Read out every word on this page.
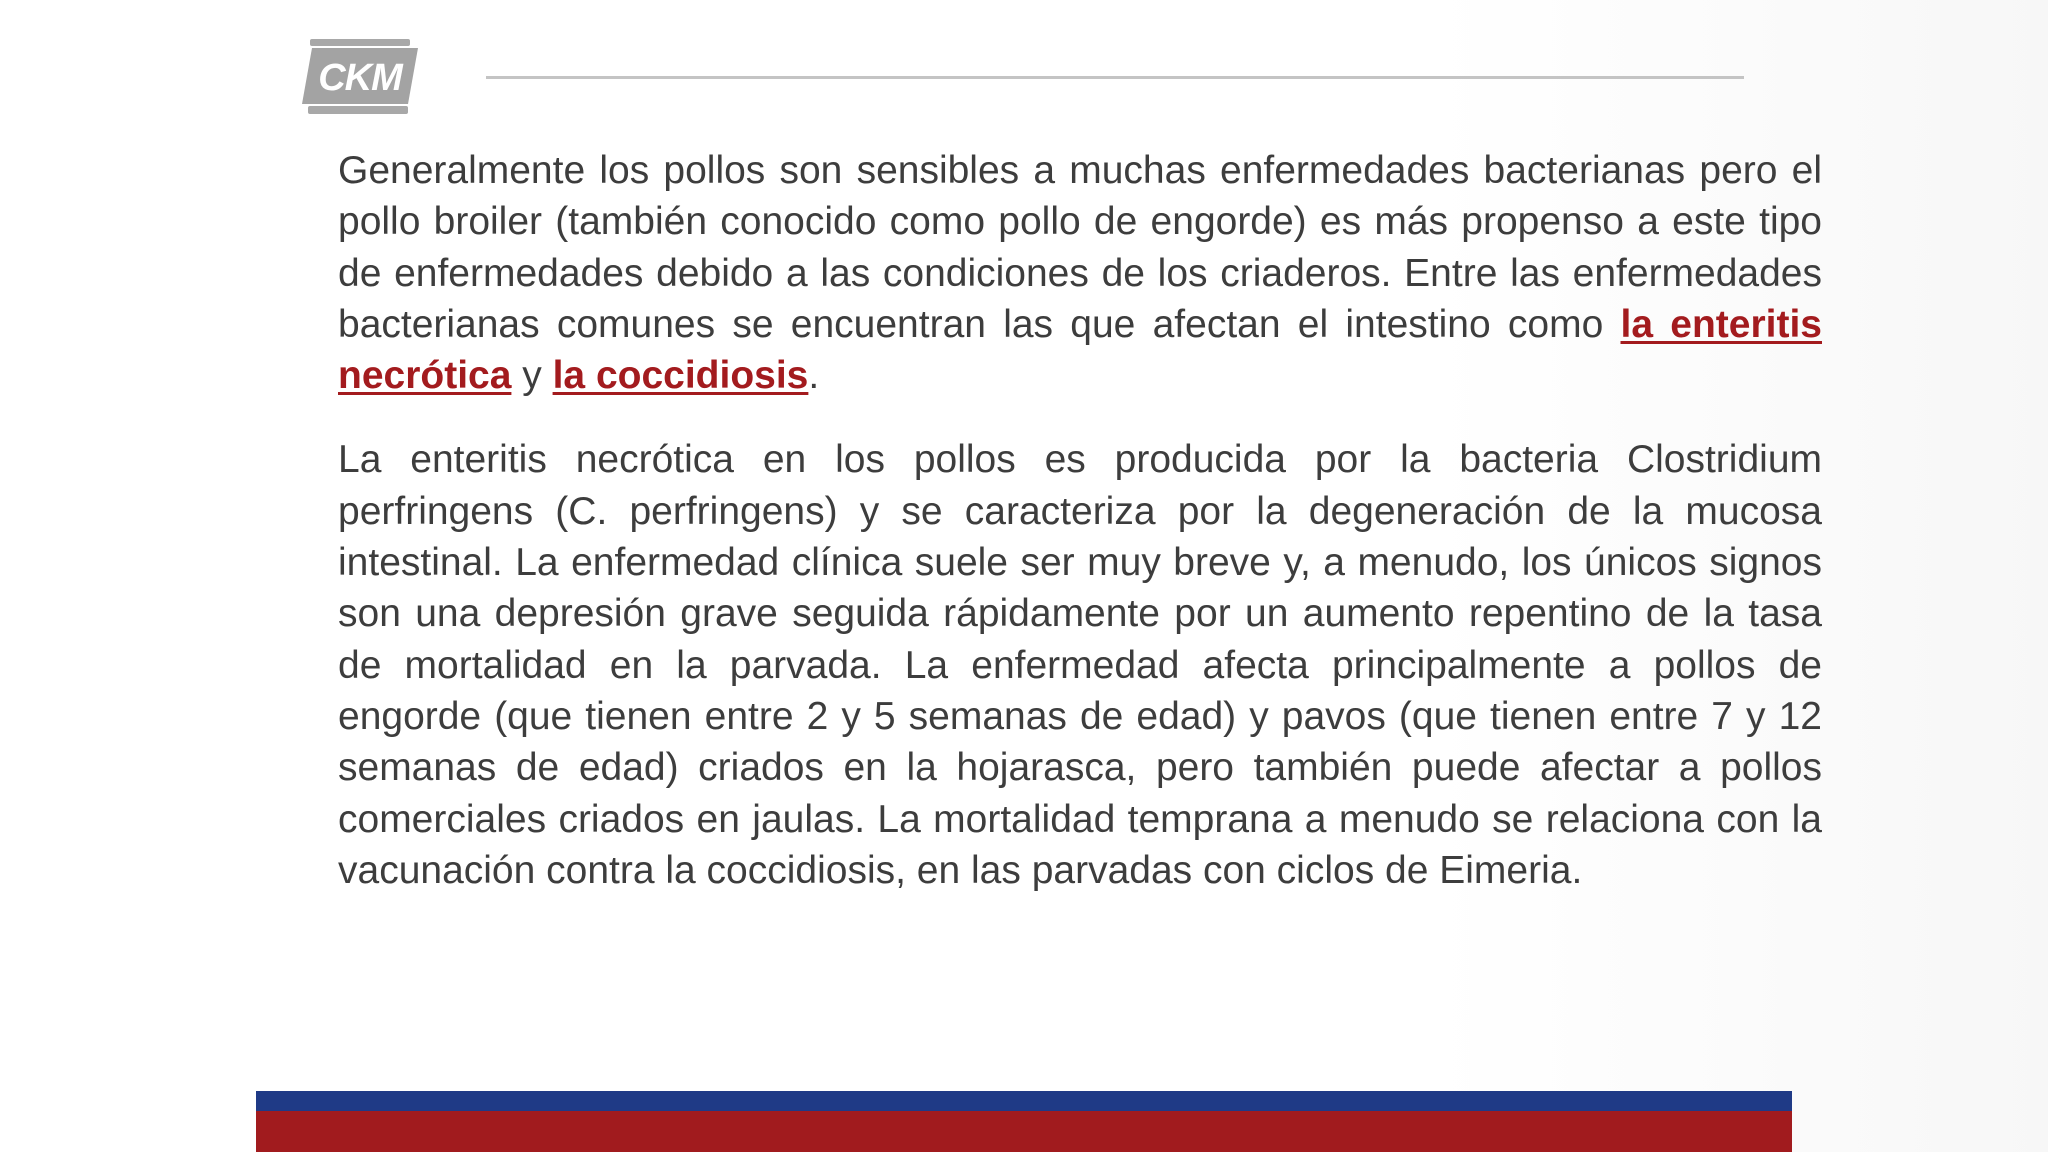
CKM

Generalmente los pollos son sensibles a muchas enfermedades bacterianas pero el pollo broiler (también conocido como pollo de engorde) es más propenso a este tipo de enfermedades debido a las condiciones de los criaderos. Entre las enfermedades bacterianas comunes se encuentran las que afectan el intestino como la enteritis necrótica y la coccidiosis.

La enteritis necrótica en los pollos es producida por la bacteria Clostridium perfringens (C. perfringens) y se caracteriza por la degeneración de la mucosa intestinal. La enfermedad clínica suele ser muy breve y, a menudo, los únicos signos son una depresión grave seguida rápidamente por un aumento repentino de la tasa de mortalidad en la parvada. La enfermedad afecta principalmente a pollos de engorde (que tienen entre 2 y 5 semanas de edad) y pavos (que tienen entre 7 y 12 semanas de edad) criados en la hojarasca, pero también puede afectar a pollos comerciales criados en jaulas. La mortalidad temprana a menudo se relaciona con la vacunación contra la coccidiosis, en las parvadas con ciclos de Eimeria.
